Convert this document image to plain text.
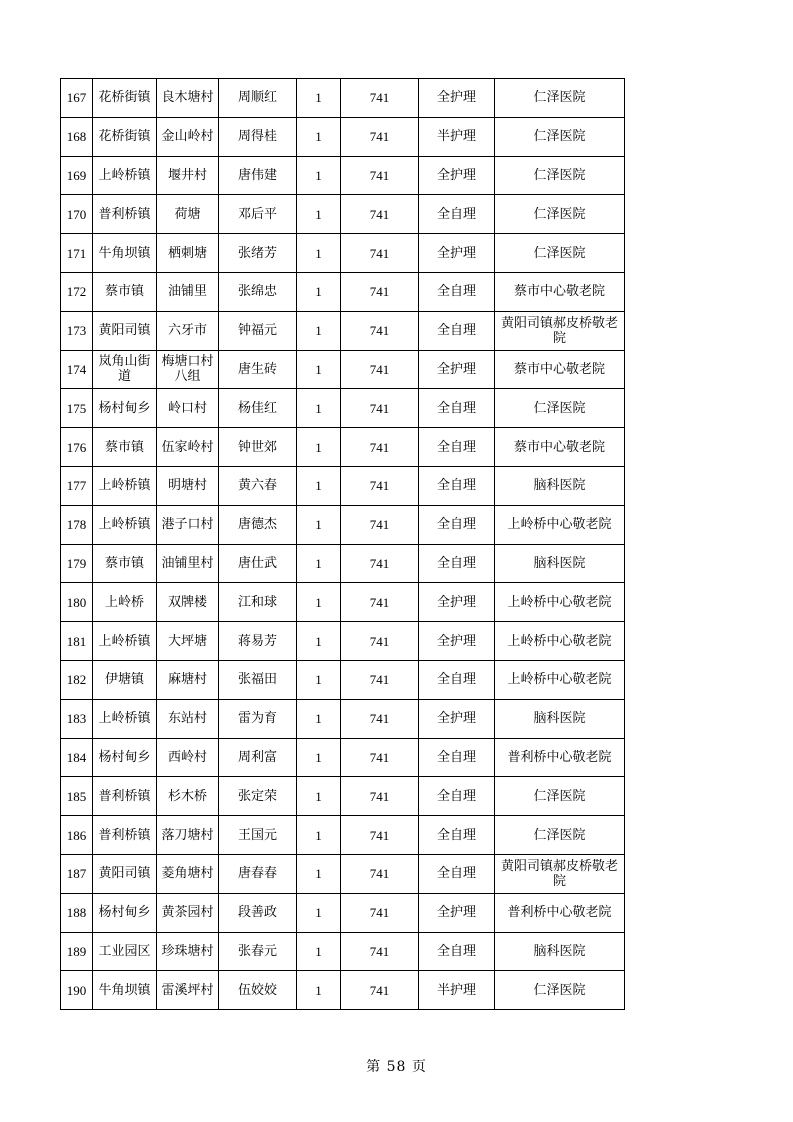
167	花桥街镇	良木塘村	周顺红	1	741	全护理	仁泽医院
168	花桥街镇	金山岭村	周得桂	1	741	半护理	仁泽医院
169	上岭桥镇	堰井村	唐伟建	1	741	全护理	仁泽医院
170	普利桥镇	荷塘	邓后平	1	741	全自理	仁泽医院
171	牛角坝镇	栖刺塘	张绪芳	1	741	全护理	仁泽医院
172	蔡市镇	油铺里	张绵忠	1	741	全自理	蔡市中心敬老院
173	黄阳司镇	六牙市	钟福元	1	741	全自理	黄阳司镇郝皮桥敬老院
174	岚角山街道	梅塘口村八组	唐生砖	1	741	全护理	蔡市中心敬老院
175	杨村甸乡	岭口村	杨佳红	1	741	全自理	仁泽医院
176	蔡市镇	伍家岭村	钟世郊	1	741	全自理	蔡市中心敬老院
177	上岭桥镇	明塘村	黄六春	1	741	全自理	脑科医院
178	上岭桥镇	港子口村	唐德杰	1	741	全自理	上岭桥中心敬老院
179	蔡市镇	油铺里村	唐仕武	1	741	全自理	脑科医院
180	上岭桥	双牌楼	江和球	1	741	全护理	上岭桥中心敬老院
181	上岭桥镇	大坪塘	蒋易芳	1	741	全护理	上岭桥中心敬老院
182	伊塘镇	麻塘村	张福田	1	741	全自理	上岭桥中心敬老院
183	上岭桥镇	东站村	雷为育	1	741	全护理	脑科医院
184	杨村甸乡	西岭村	周利富	1	741	全自理	普利桥中心敬老院
185	普利桥镇	杉木桥	张定荣	1	741	全自理	仁泽医院
186	普利桥镇	落刀塘村	王国元	1	741	全自理	仁泽医院
187	黄阳司镇	菱角塘村	唐春春	1	741	全自理	黄阳司镇郝皮桥敬老院
188	杨村甸乡	黄茶园村	段善政	1	741	全护理	普利桥中心敬老院
189	工业园区	珍珠塘村	张春元	1	741	全自理	脑科医院
190	牛角坝镇	雷溪坪村	伍姣姣	1	741	半护理	仁泽医院
第 58 页
